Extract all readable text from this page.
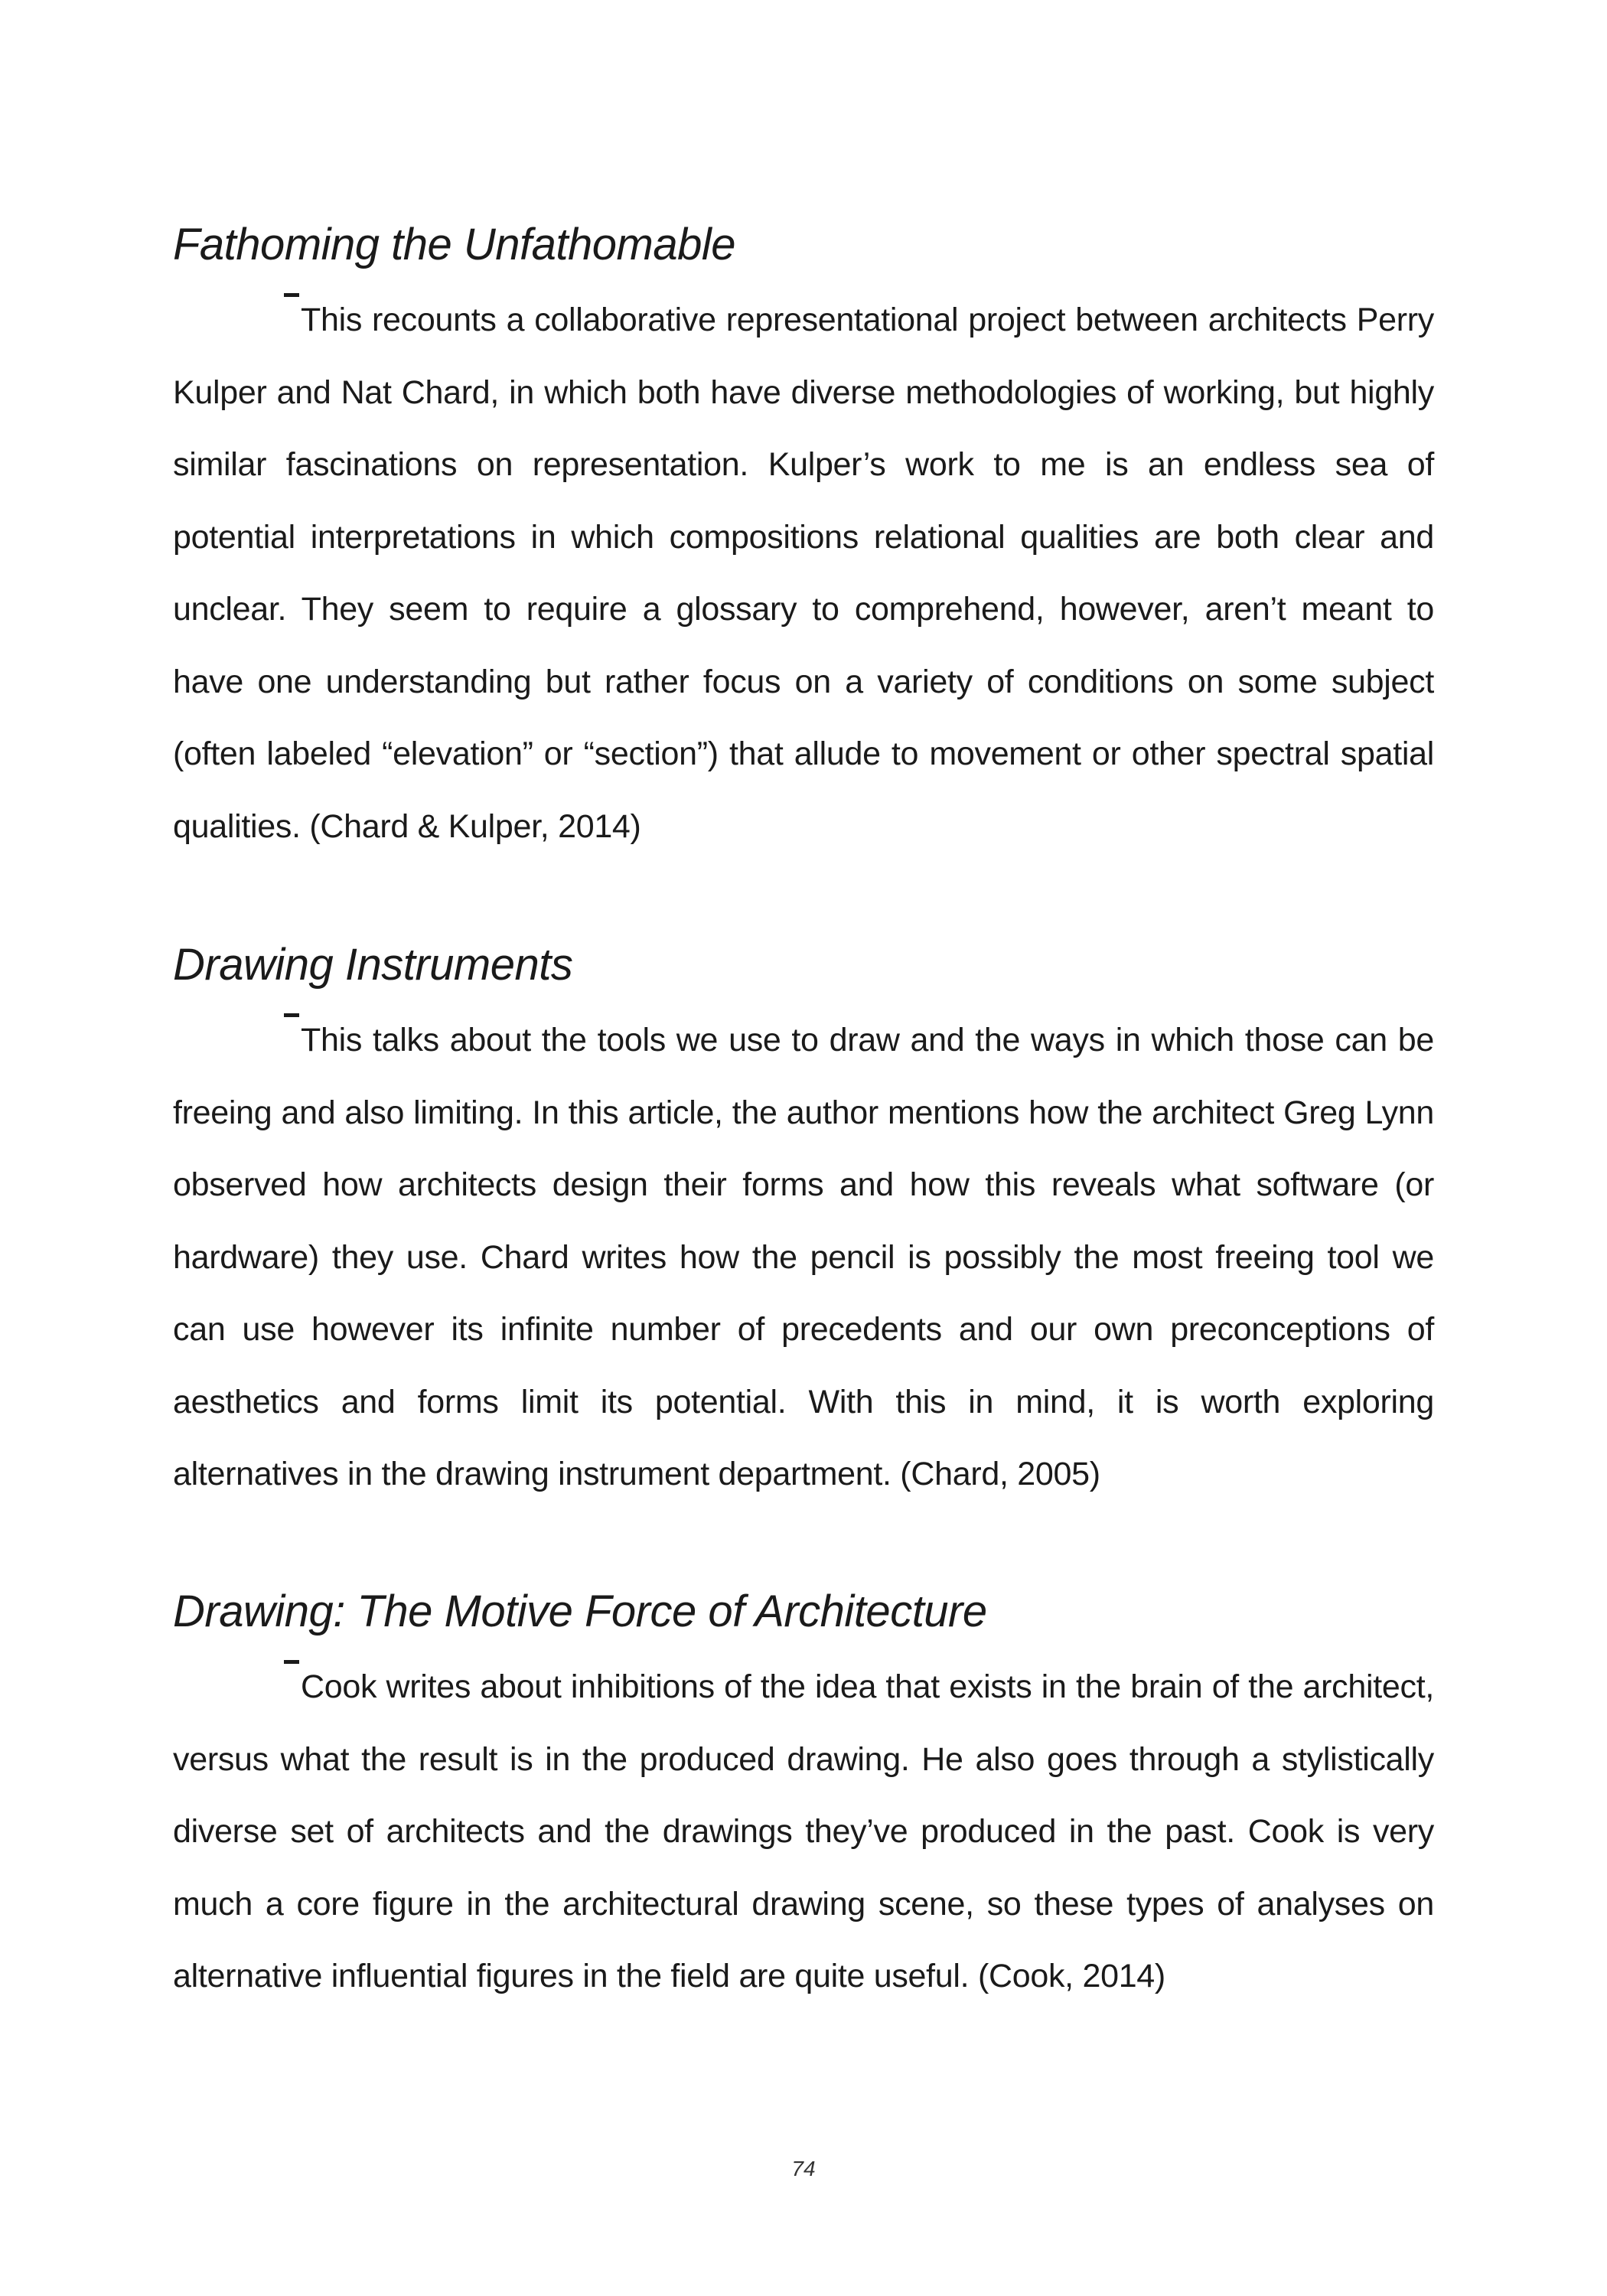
Fathoming the Unfathomable

This recounts a collaborative representational project between architects Perry Kulper and Nat Chard, in which both have diverse methodologies of working, but highly similar fascinations on representation. Kulper’s work to me is an endless sea of potential interpretations in which compositions relational qualities are both clear and unclear. They seem to require a glossary to comprehend, however, aren’t meant to have one understanding but rather focus on a variety of conditions on some subject (often labeled “elevation” or “section”) that allude to movement or other spectral spatial qualities. (Chard & Kulper, 2014)

Drawing Instruments

This talks about the tools we use to draw and the ways in which those can be freeing and also limiting. In this article, the author mentions how the architect Greg Lynn observed how architects design their forms and how this reveals what software (or hardware) they use. Chard writes how the pencil is possibly the most freeing tool we can use however its infinite number of precedents and our own preconceptions of aesthetics and forms limit its potential. With this in mind, it is worth exploring alternatives in the drawing instrument department. (Chard, 2005)

Drawing: The Motive Force of Architecture

Cook writes about inhibitions of the idea that exists in the brain of the architect, versus what the result is in the produced drawing. He also goes through a stylistically diverse set of architects and the drawings they’ve produced in the past. Cook is very much a core figure in the architectural drawing scene, so these types of analyses on alternative influential figures in the field are quite useful. (Cook, 2014)

74
